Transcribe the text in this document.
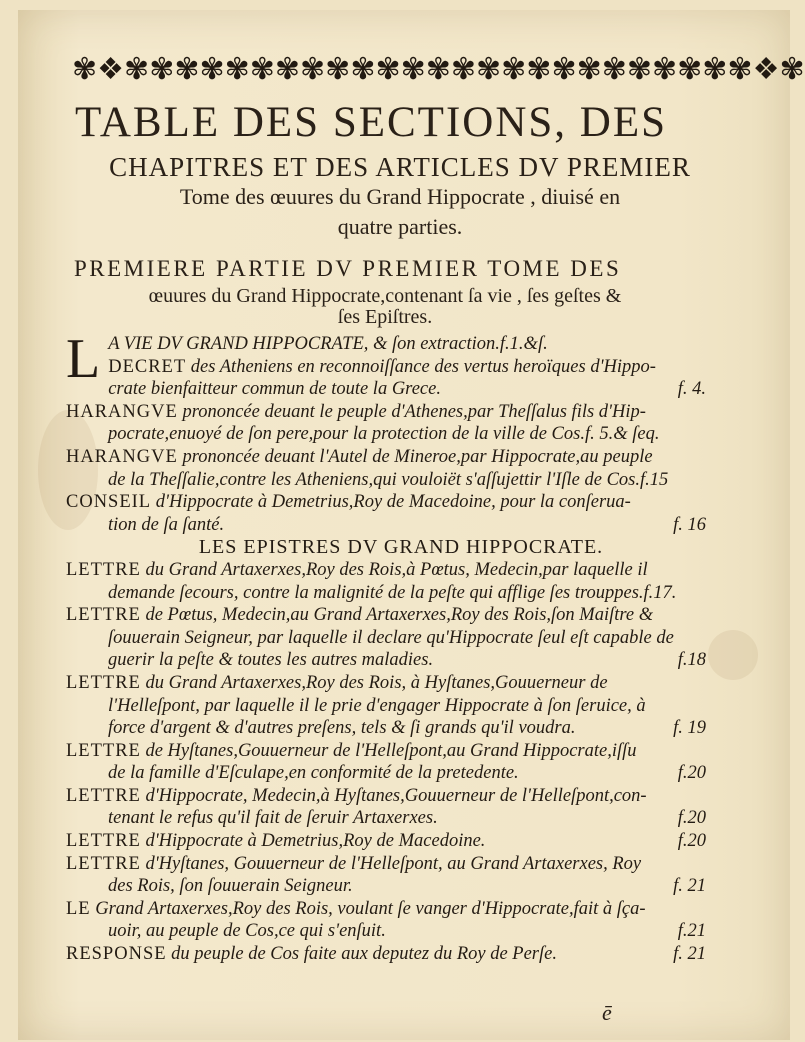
✾ ❖ ✾ ✾ ✾ ✾ ✾ ✾ ✾ ✾ ✾ ✾ ✾ ✾ ✾ ✾ ✾ ✾ ✾ ✾ ✾ ✾ ✾ ✾ ✾ ✾ ✾ ❖ ✾
TABLE DES SECTIONS, DES
CHAPITRES ET DES ARTICLES DV PREMIER
Tome des œuures du Grand Hippocrate , diuisé en
quatre parties.
PREMIERE PARTIE DV PREMIER TOME DES
œuures du Grand Hippocrate,contenant ſa vie , ſes geſtes &
ſes Epiſtres.
L A VIE DV GRAND HIPPOCRATE, & ſon extraction.f.1.&ſ.
DECRET des Atheniens en reconnoiſſance des vertus heroïques d'Hippo-
crate bienfaitteur commun de toute la Grece.	f. 4.
HARANGVE prononcée deuant le peuple d'Athenes,par Theſſalus fils d'Hip-
pocrate,enuoyé de ſon pere,pour la protection de la ville de Cos.f. 5.& ſeq.
HARANGVE prononcée deuant l'Autel de Mineroe,par Hippocrate,au peuple
de la Theſſalie,contre les Atheniens,qui vouloiët s'aſſujettir l'Iſle de Cos.f.15
CONSEIL d'Hippocrate à Demetrius,Roy de Macedoine, pour la conſerua-
tion de ſa ſanté.	f. 16
LES EPISTRES DV GRAND HIPPOCRATE.
LETTRE du Grand Artaxerxes,Roy des Rois,à Pœtus, Medecin,par laquelle il
demande ſecours, contre la malignité de la peſte qui afflige ſes trouppes.f.17.
LETTRE de Pœtus, Medecin,au Grand Artaxerxes,Roy des Rois,ſon Maiſtre &
ſouuerain Seigneur, par laquelle il declare qu'Hippocrate ſeul eſt capable de
guerir la peſte & toutes les autres maladies.	f.18
LETTRE du Grand Artaxerxes,Roy des Rois, à Hyſtanes,Gouuerneur de
l'Helleſpont, par laquelle il le prie d'engager Hippocrate à ſon ſeruice, à
force d'argent & d'autres preſens, tels & ſi grands qu'il voudra.	f. 19
LETTRE de Hyſtanes,Gouuerneur de l'Helleſpont,au Grand Hippocrate,iſſu
de la famille d'Eſculape,en conformité de la pretedente.	f.20
LETTRE d'Hippocrate, Medecin,à Hyſtanes,Gouuerneur de l'Helleſpont,con-
tenant le refus qu'il fait de ſeruir Artaxerxes.	f.20
LETTRE d'Hippocrate à Demetrius,Roy de Macedoine.	f.20
LETTRE d'Hyſtanes, Gouuerneur de l'Helleſpont, au Grand Artaxerxes, Roy
des Rois, ſon ſouuerain Seigneur.	f. 21
LE Grand Artaxerxes,Roy des Rois, voulant ſe vanger d'Hippocrate,fait à ſça-
uoir, au peuple de Cos,ce qui s'enſuit.	f.21
RESPONSE du peuple de Cos faite aux deputez du Roy de Perſe.	f. 21
ē
